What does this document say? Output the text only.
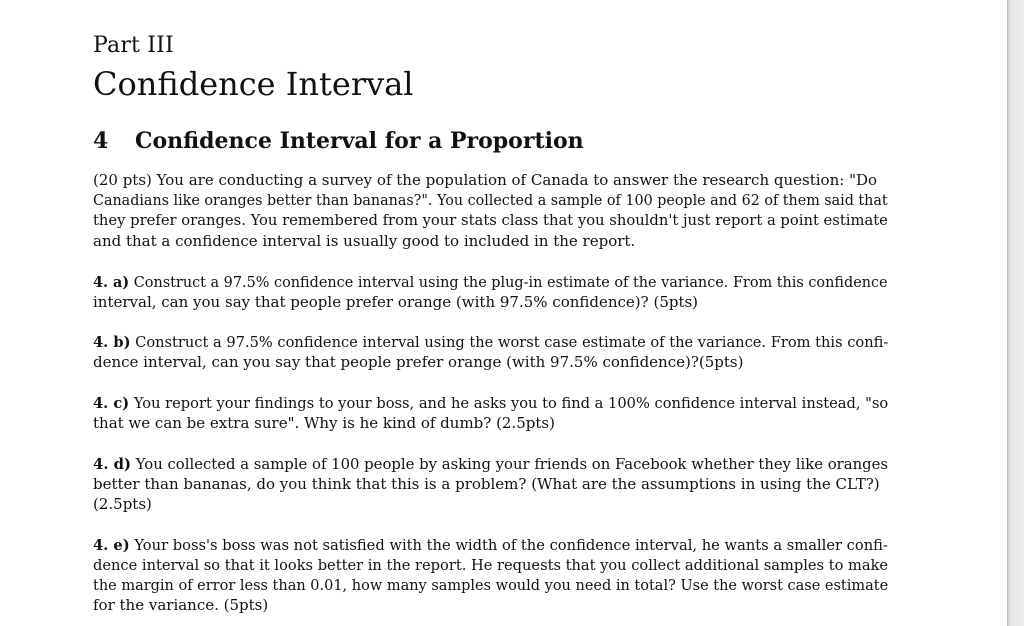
Part III
Confidence Interval
4 Confidence Interval for a Proportion
(20 pts) You are conducting a survey of the population of Canada to answer the research question: "Do
Canadians like oranges better than bananas?". You collected a sample of 100 people and 62 of them said that
they prefer oranges. You remembered from your stats class that you shouldn't just report a point estimate
and that a confidence interval is usually good to included in the report.
4. a) Construct a 97.5% confidence interval using the plug-in estimate of the variance. From this confidence
interval, can you say that people prefer orange (with 97.5% confidence)? (5pts)
4. b) Construct a 97.5% confidence interval using the worst case estimate of the variance. From this confi-
dence interval, can you say that people prefer orange (with 97.5% confidence)?(5pts)
4. c) You report your findings to your boss, and he asks you to find a 100% confidence interval instead, "so
that we can be extra sure". Why is he kind of dumb? (2.5pts)
4. d) You collected a sample of 100 people by asking your friends on Facebook whether they like oranges
better than bananas, do you think that this is a problem? (What are the assumptions in using the CLT?)
(2.5pts)
4. e) Your boss's boss was not satisfied with the width of the confidence interval, he wants a smaller confi-
dence interval so that it looks better in the report. He requests that you collect additional samples to make
the margin of error less than 0.01, how many samples would you need in total? Use the worst case estimate
for the variance. (5pts)
